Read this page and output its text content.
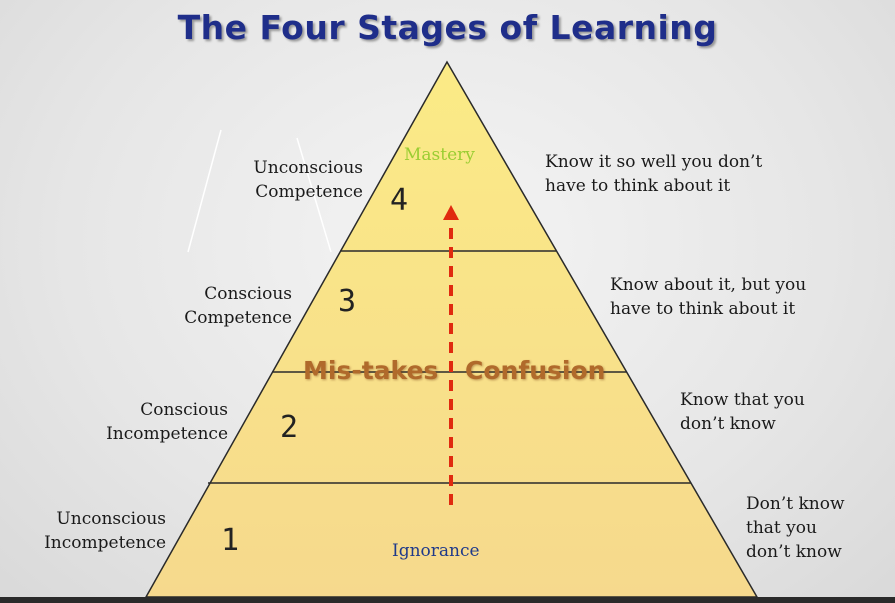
The Four Stages of Learning
Mastery
4
Unconscious
Competence
Know it so well you don’t
have to think about it
3
Conscious
Competence
Know about it, but you
have to think about it
Mis-takes Confusion
2
Conscious
Incompetence
Know that you
don’t know
1	Ignorance
Unconscious
Incompetence
Don’t know
that you
don’t know
